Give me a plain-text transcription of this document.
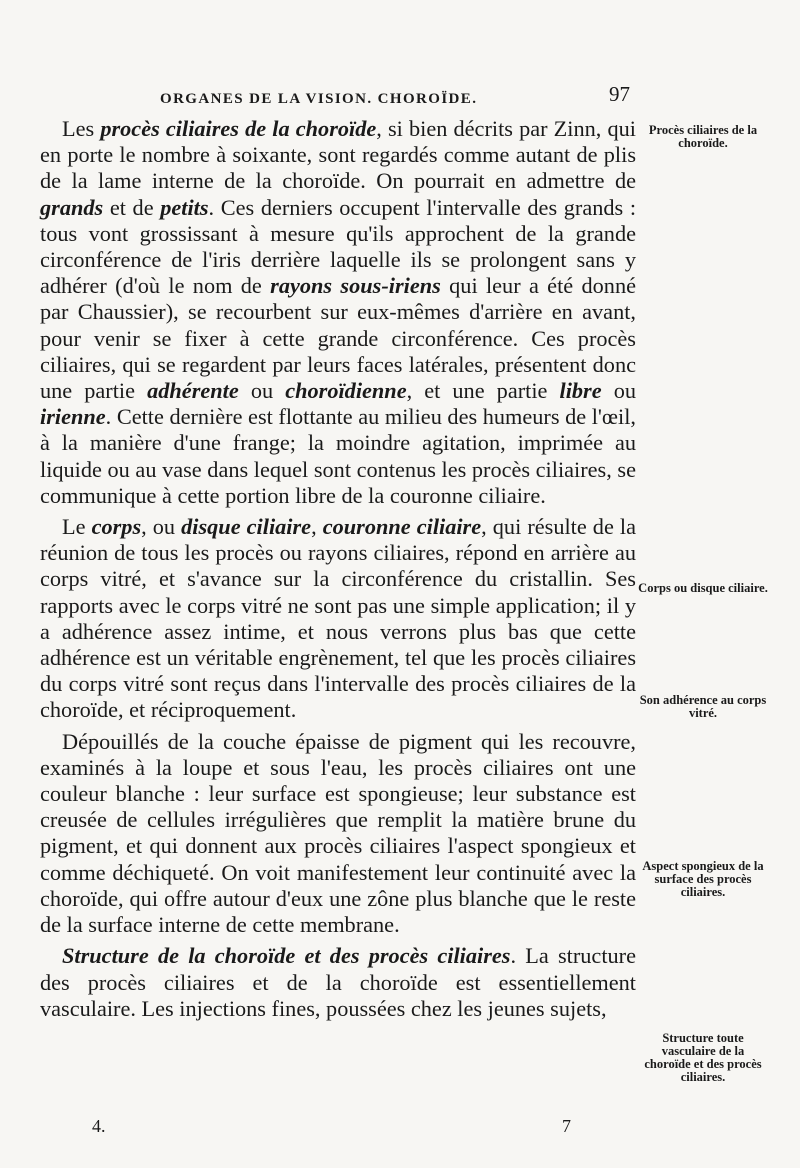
ORGANES DE LA VISION. CHOROÏDE.	97

Les procès ciliaires de la choroïde, si bien décrits par Zinn, qui en porte le nombre à soixante, sont regardés comme autant de plis de la lame interne de la choroïde. On pourrait en admettre de grands et de petits. Ces derniers occupent l'intervalle des grands : tous vont grossissant à mesure qu'ils approchent de la grande circonférence de l'iris derrière laquelle ils se prolongent sans y adhérer (d'où le nom de rayons sous-iriens qui leur a été donné par Chaussier), se recourbent sur eux-mêmes d'arrière en avant, pour venir se fixer à cette grande circonférence. Ces procès ciliaires, qui se regardent par leurs faces latérales, présentent donc une partie adhérente ou choroïdienne, et une partie libre ou irienne. Cette dernière est flottante au milieu des humeurs de l'œil, à la manière d'une frange; la moindre agitation, imprimée au liquide ou au vase dans lequel sont contenus les procès ciliaires, se communique à cette portion libre de la couronne ciliaire.

Le corps, ou disque ciliaire, couronne ciliaire, qui résulte de la réunion de tous les procès ou rayons ciliaires, répond en arrière au corps vitré, et s'avance sur la circonférence du cristallin. Ses rapports avec le corps vitré ne sont pas une simple application; il y a adhérence assez intime, et nous verrons plus bas que cette adhérence est un véritable engrènement, tel que les procès ciliaires du corps vitré sont reçus dans l'intervalle des procès ciliaires de la choroïde, et réciproquement.

Dépouillés de la couche épaisse de pigment qui les recouvre, examinés à la loupe et sous l'eau, les procès ciliaires ont une couleur blanche : leur surface est spongieuse; leur substance est creusée de cellules irrégulières que remplit la matière brune du pigment, et qui donnent aux procès ciliaires l'aspect spongieux et comme déchiqueté. On voit manifestement leur continuité avec la choroïde, qui offre autour d'eux une zône plus blanche que le reste de la surface interne de cette membrane.

Structure de la choroïde et des procès ciliaires. La structure des procès ciliaires et de la choroïde est essentiellement vasculaire. Les injections fines, poussées chez les jeunes sujets,

Procès ciliaires de la choroïde.
Corps ou disque ciliaire.
Son adhérence au corps vitré.
Aspect spongieux de la surface des procès ciliaires.
Structure toute vasculaire de la choroïde et des procès ciliaires.
4.	7
